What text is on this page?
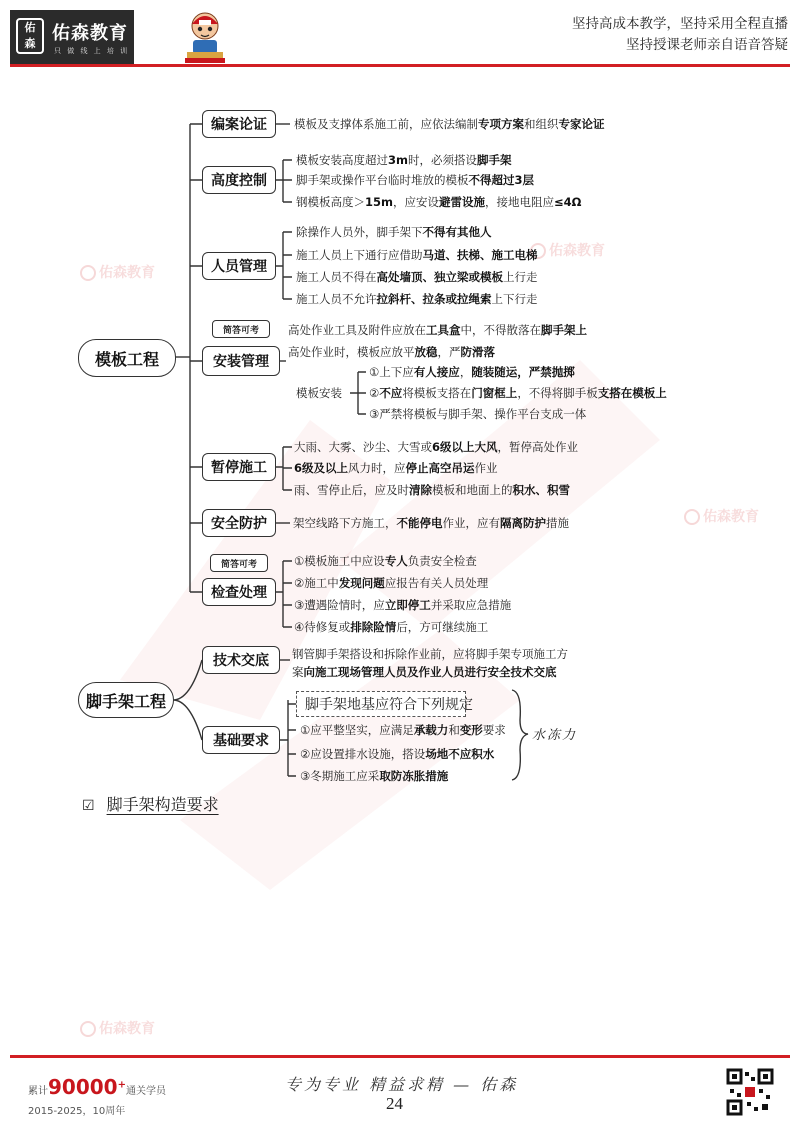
佑
森 佑森教育
只 做 线 上 培 训
坚持高成本教学，坚持采用全程直播
坚持授课老师亲自语音答疑
佑森教育
佑森教育
佑森教育
佑森教育
模板工程
编案论证
高度控制
人员管理
简答可考
安装管理
暂停施工
安全防护
简答可考
检查处理
模板及支撑体系施工前，应依法编制专项方案和组织专家论证
模板安装高度超过3m时，必须搭设脚手架
脚手架或操作平台临时堆放的模板不得超过3层
钢模板高度＞15m，应安设避雷设施，接地电阻应≤4Ω
除操作人员外，脚手架下不得有其他人
施工人员上下通行应借助马道、扶梯、施工电梯
施工人员不得在高处墙顶、独立梁或模板上行走
施工人员不允许拉斜杆、拉条或拉绳索上下行走
高处作业工具及附件应放在工具盒中，不得散落在脚手架上
高处作业时，模板应放平放稳，严防滑落
模板安装
①上下应有人接应，随装随运，严禁抛掷
②不应将模板支搭在门窗框上，不得将脚手板支搭在模板上
③严禁将模板与脚手架、操作平台支成一体
大雨、大雾、沙尘、大雪或6级以上大风，暂停高处作业
6级及以上风力时，应停止高空吊运作业
雨、雪停止后，应及时清除模板和地面上的积水、积雪
架空线路下方施工，不能停电作业，应有隔离防护措施
①模板施工中应设专人负责安全检查
②施工中发现问题应报告有关人员处理
③遭遇险情时，应立即停工并采取应急措施
④待修复或排除险情后，方可继续施工
脚手架工程
技术交底
基础要求
钢管脚手架搭设和拆除作业前，应将脚手架专项施工方
案向施工现场管理人员及作业人员进行安全技术交底
脚手架地基应符合下列规定
①应平整坚实，应满足承载力和变形要求
②应设置排水设施，搭设场地不应积水
③冬期施工应采取防冻胀措施
水冻力
☑ 脚手架构造要求
累计90000+通关学员
2015-2025，10周年
专为专业 精益求精 — 佑森
24
